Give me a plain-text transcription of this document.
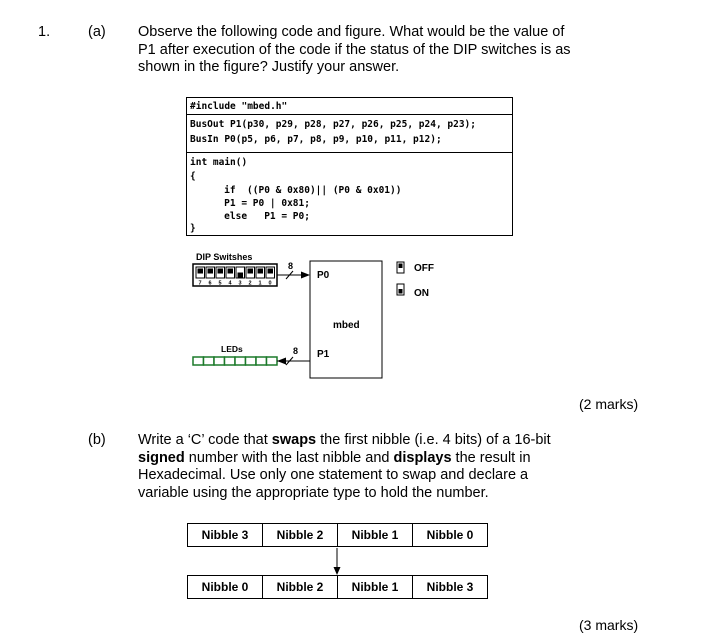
1.	(a) Observe the following code and figure. What would be the value of
P1 after execution of the code if the status of the DIP switches is as
shown in the figure? Justify your answer.
#include "mbed.h"
BusOut P1(p30, p29, p28, p27, p26, p25, p24, p23);
BusIn P0(p5, p6, p7, p8, p9, p10, p11, p12);
int main()
{
if  ((P0 & 0x80)|| (P0 & 0x01))
P1 = P0 | 0x81;
else   P1 = P0;
}
DIP Switshes
7 6 5 4 3 2 1 0
8
P0
mbed
P1
LEDs	8
OFF
ON
(2 marks)
(b) Write a ‘C’ code that swaps the first nibble (i.e. 4 bits) of a 16-bit
signed number with the last nibble and displays the result in
Hexadecimal. Use only one statement to swap and declare a
variable using the appropriate type to hold the number.
Nibble 3	Nibble 2	Nibble 1	Nibble 0
Nibble 0	Nibble 2	Nibble 1	Nibble 3
(3 marks)
